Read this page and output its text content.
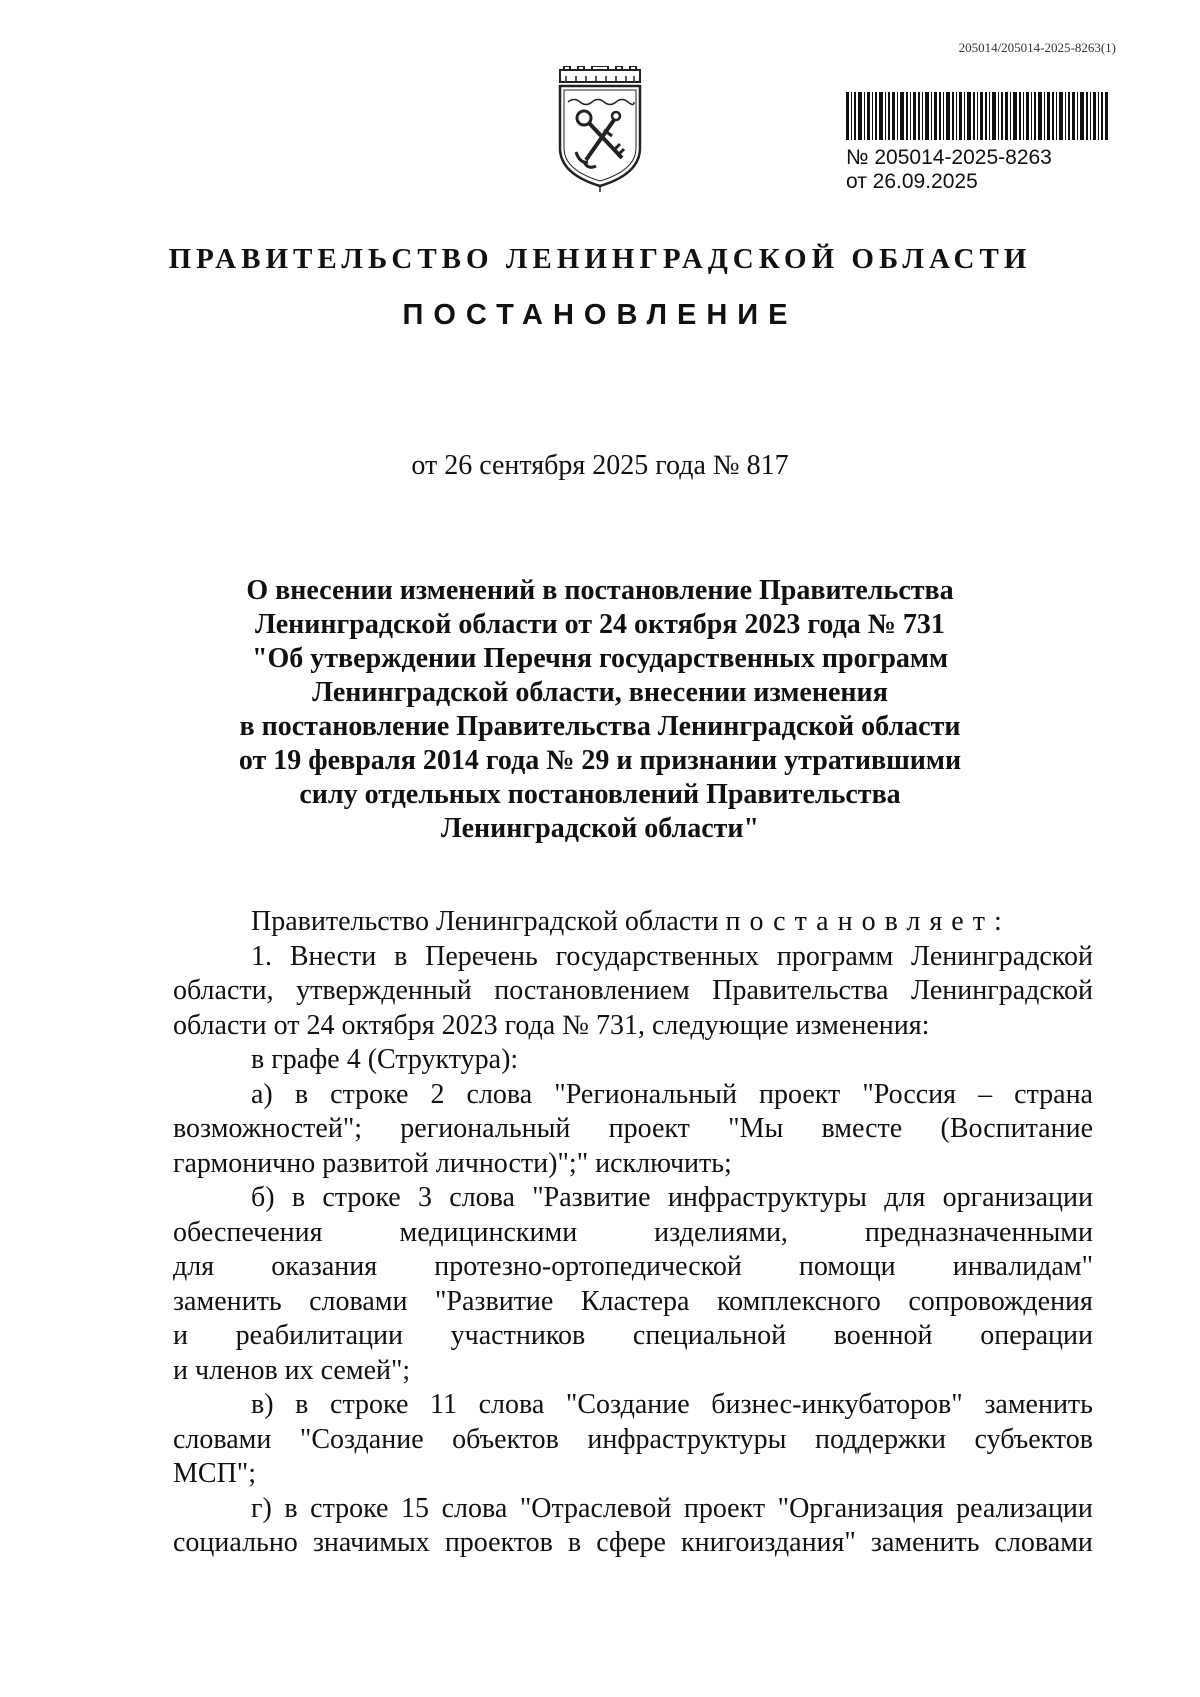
205014/205014-2025-8263(1)
№ 205014-2025-8263
от 26.09.2025
ПРАВИТЕЛЬСТВО ЛЕНИНГРАДСКОЙ ОБЛАСТИ
ПОСТАНОВЛЕНИЕ
от 26 сентября 2025 года № 817
О внесении изменений в постановление Правительства
Ленинградской области от 24 октября 2023 года № 731
"Об утверждении Перечня государственных программ
Ленинградской области, внесении изменения
в постановление Правительства Ленинградской области
от 19 февраля 2014 года № 29 и признании утратившими
силу отдельных постановлений Правительства
Ленинградской области"
Правительство Ленинградской области
постановляет:
1. Внести в Перечень государственных программ Ленинградской
области, утвержденный постановлением Правительства Ленинградской
области от 24 октября 2023 года № 731, следующие изменения:
в графе 4 (Структура):
а) в строке 2 слова "Региональный проект "Россия – страна
возможностей"; региональный проект "Мы вместе (Воспитание
гармонично развитой личности)";" исключить;
б) в строке 3 слова "Развитие инфраструктуры для организации
обеспечения	медицинскими	изделиями,	предназначенными
для оказания протезно-ортопедической помощи инвалидам"
заменить словами "Развитие Кластера комплексного сопровождения
и реабилитации участников специальной военной операции
и членов их семей";
в) в строке 11 слова "Создание бизнес-инкубаторов" заменить
словами "Создание объектов инфраструктуры поддержки субъектов
МСП";
г) в строке 15 слова "Отраслевой проект "Организация реализации
социально значимых проектов в сфере книгоиздания" заменить словами
